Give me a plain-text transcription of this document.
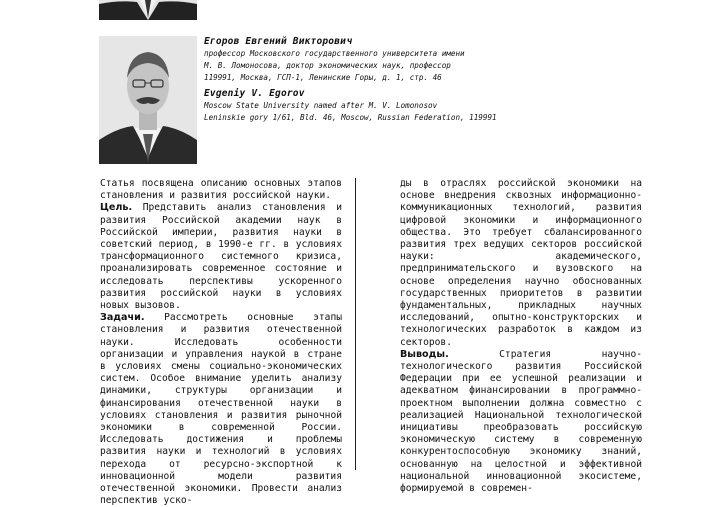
Егоров Евгений Викторович

профессор Московского государственного университета имени

М. В. Ломоносова, доктор экономических наук, профессор

119991, Москва, ГСП-1, Ленинские Горы, д. 1, стр. 46

Evgeniy V. Egorov

Moscow State University named after M. V. Lomonosov

Leninskie gory 1/61, Bld. 46, Moscow, Russian Federation, 119991

Статья посвящена описанию основных этапов становления и развития российской науки.

Цель. Представить анализ становления и развития Российской академии наук в Российской империи, развития науки в советский период, в 1990-е гг. в условиях трансформационного системного кризиса, проанализировать современное состояние и исследовать перспективы ускоренного развития российской науки в условиях новых вызовов.

Задачи. Рассмотреть основные этапы становления и развития отечественной науки. Исследовать особенности организации и управления наукой в стране в условиях смены социально-экономических систем. Особое внимание уделить анализу динамики, структуры организации и финансирования отечественной науки в условиях становления и развития рыночной экономики в современной России. Исследовать достижения и проблемы развития науки и технологий в условиях перехода от ресурсно-экспортной к инновационной модели развития отечественной экономики. Провести анализ перспектив уско-

ды в отраслях российской экономики на основе внедрения сквозных информационно-коммуникационных технологий, развития цифровой экономики и информационного общества. Это требует сбалансированного развития трех ведущих секторов российской науки: академического, предпринимательского и вузовского на основе определения научно обоснованных государственных приоритетов в развитии фундаментальных, прикладных научных исследований, опытно-конструкторских и технологических разработок в каждом из секторов.

Выводы.	Стратегия научно-технологического развития Российской Федерации при ее успешной реализации и адекватном финансировании в программно-проектном выполнении должна совместно с реализацией Национальной технологической инициативы преобразовать российскую экономическую систему в современную конкурентоспособную экономику знаний, основанную на целостной и эффективной национальной инновационной экосистеме, формируемой в современ-
